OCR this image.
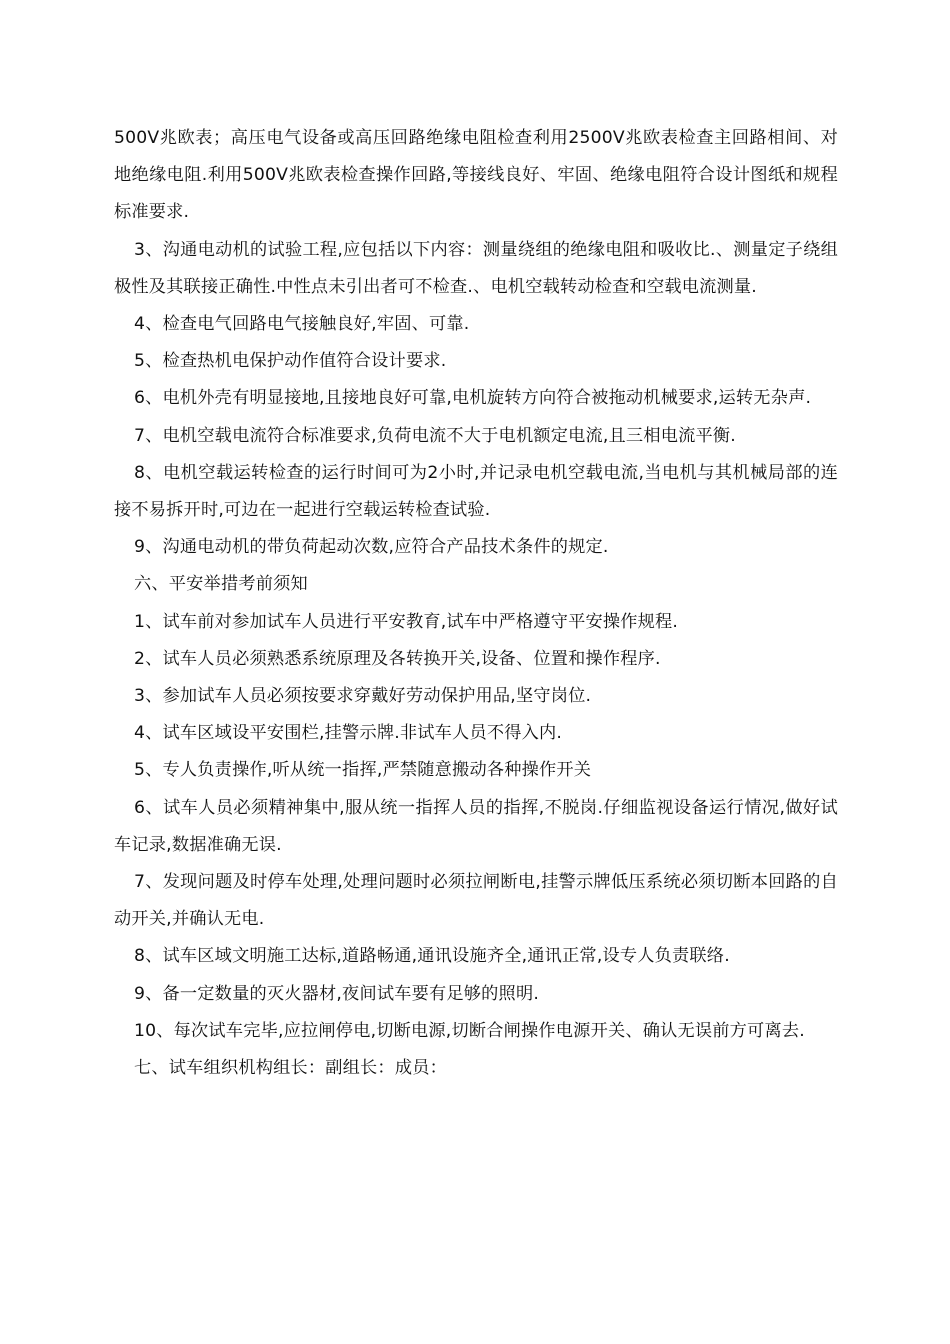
500V兆欧表；高压电气设备或高压回路绝缘电阻检查利用2500V兆欧表检查主回路相间、对地绝缘电阻.利用500V兆欧表检查操作回路,等接线良好、牢固、绝缘电阻符合设计图纸和规程标准要求.

3、沟通电动机的试验工程,应包括以下内容：测量绕组的绝缘电阻和吸收比.、测量定子绕组极性及其联接正确性.中性点未引出者可不检查.、电机空载转动检查和空载电流测量.

4、检查电气回路电气接触良好,牢固、可靠.

5、检查热机电保护动作值符合设计要求.

6、电机外壳有明显接地,且接地良好可靠,电机旋转方向符合被拖动机械要求,运转无杂声.

7、电机空载电流符合标准要求,负荷电流不大于电机额定电流,且三相电流平衡.

8、电机空载运转检查的运行时间可为2小时,并记录电机空载电流,当电机与其机械局部的连接不易拆开时,可边在一起进行空载运转检查试验.

9、沟通电动机的带负荷起动次数,应符合产品技术条件的规定.

六、平安举措考前须知

1、试车前对参加试车人员进行平安教育,试车中严格遵守平安操作规程.

2、试车人员必须熟悉系统原理及各转换开关,设备、位置和操作程序.

3、参加试车人员必须按要求穿戴好劳动保护用品,坚守岗位.

4、试车区域设平安围栏,挂警示牌.非试车人员不得入内.

5、专人负责操作,听从统一指挥,严禁随意搬动各种操作开关

6、试车人员必须精神集中,服从统一指挥人员的指挥,不脱岗.仔细监视设备运行情况,做好试车记录,数据准确无误.

7、发现问题及时停车处理,处理问题时必须拉闸断电,挂警示牌低压系统必须切断本回路的自动开关,并确认无电.

8、试车区域文明施工达标,道路畅通,通讯设施齐全,通讯正常,设专人负责联络.

9、备一定数量的灭火器材,夜间试车要有足够的照明.

10、每次试车完毕,应拉闸停电,切断电源,切断合闸操作电源开关、确认无误前方可离去.

七、试车组织机构组长：副组长：成员：
